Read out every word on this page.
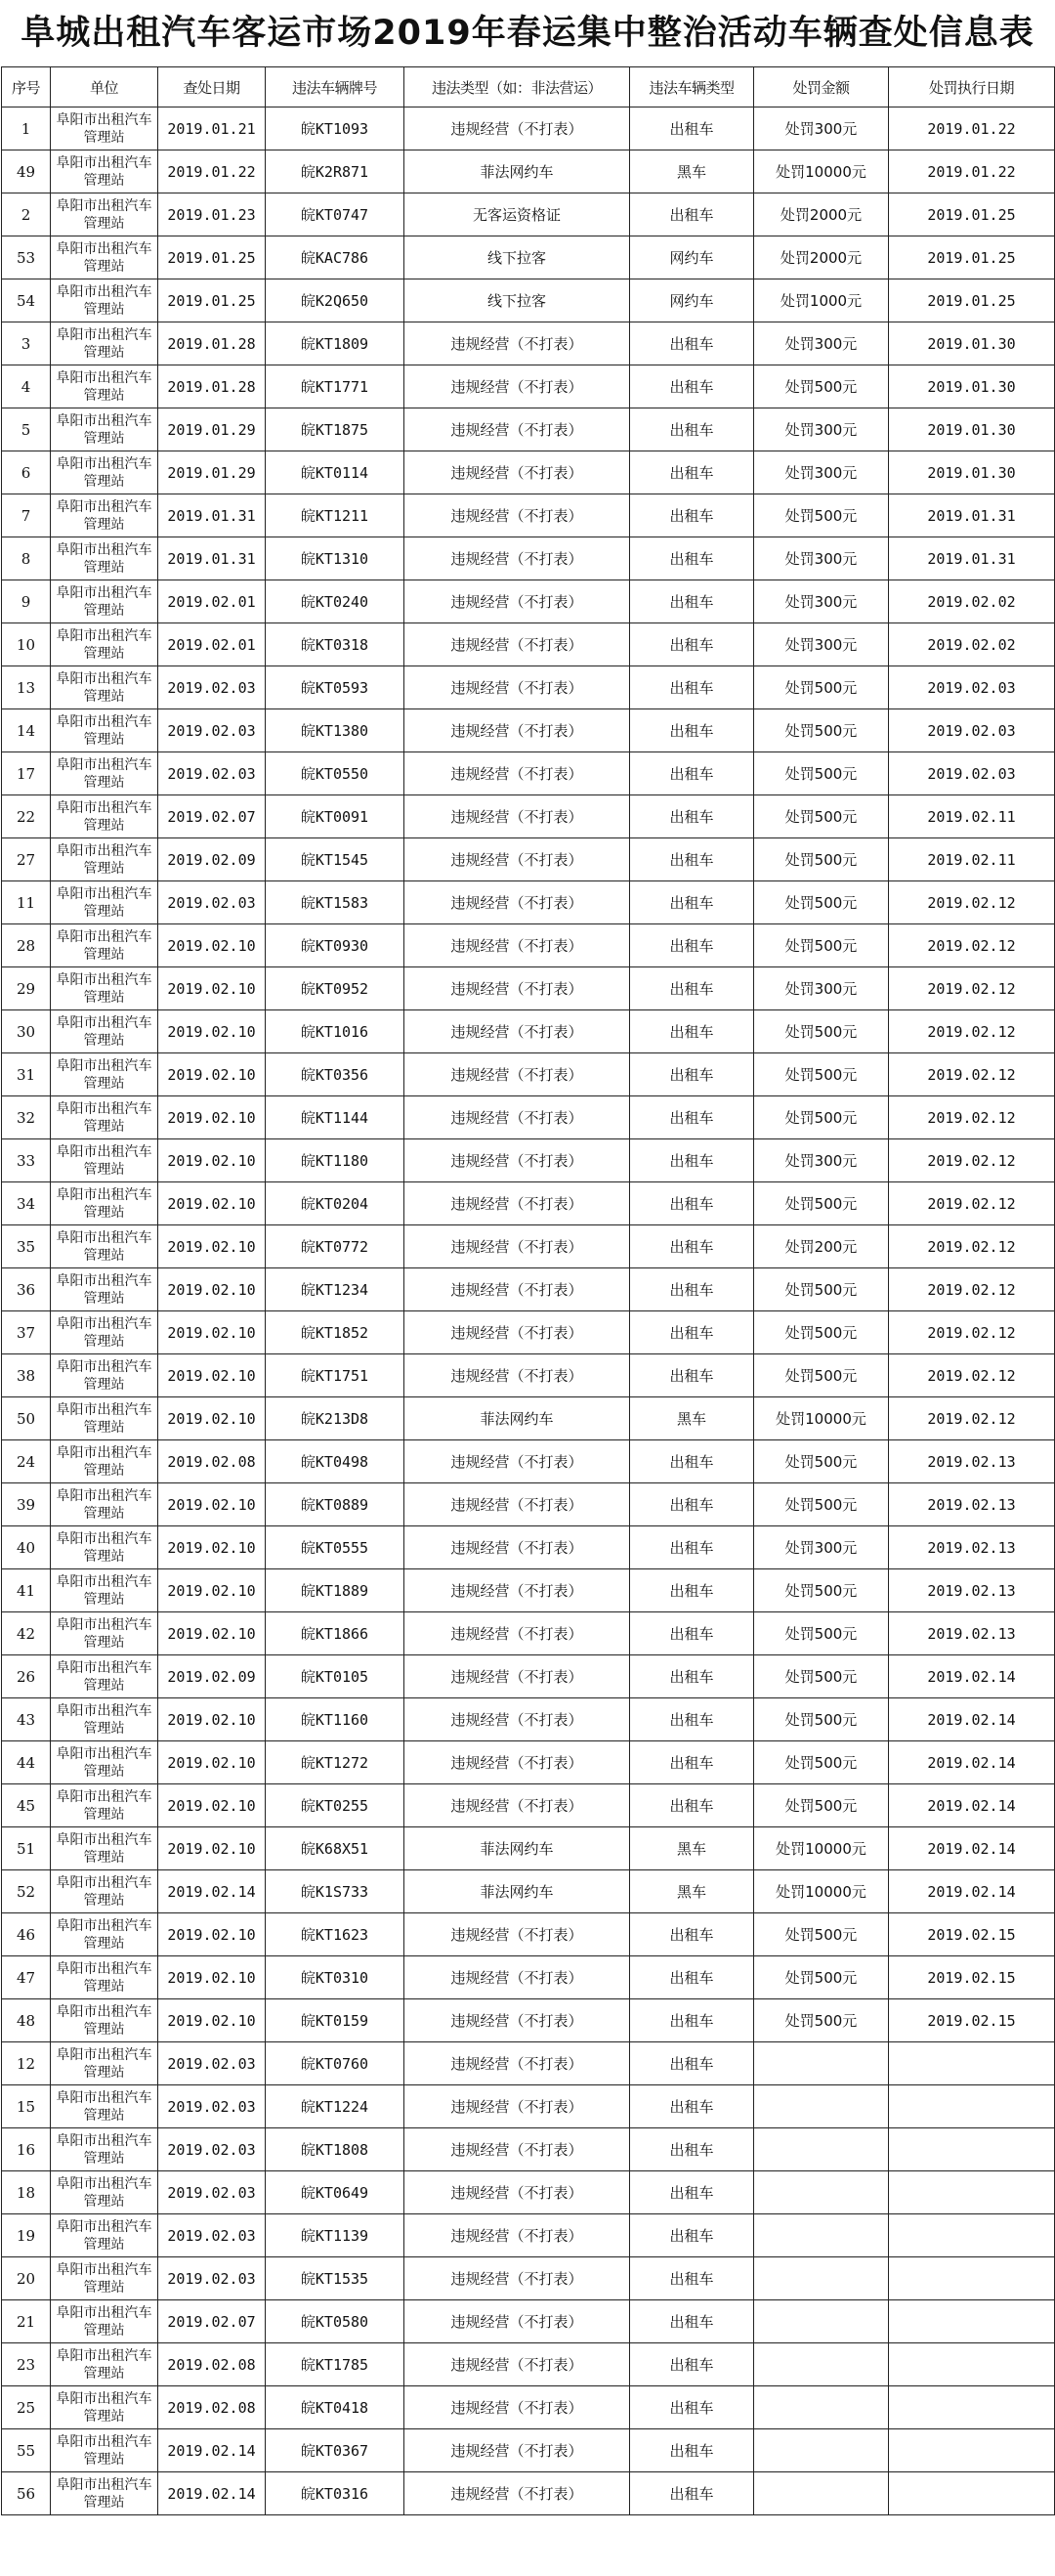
阜城出租汽车客运市场2019年春运集中整治活动车辆查处信息表
序号	单位	查处日期	违法车辆牌号	违法类型（如：非法营运）	违法车辆类型	处罚金额	处罚执行日期
1	阜阳市出租汽车管理站	2019.01.21	皖KT1093	违规经营（不打表）	出租车	处罚300元	2019.01.22
49	阜阳市出租汽车管理站	2019.01.22	皖K2R871	菲法网约车	黑车	处罚10000元	2019.01.22
2	阜阳市出租汽车管理站	2019.01.23	皖KT0747	无客运资格证	出租车	处罚2000元	2019.01.25
53	阜阳市出租汽车管理站	2019.01.25	皖KAC786	线下拉客	网约车	处罚2000元	2019.01.25
54	阜阳市出租汽车管理站	2019.01.25	皖K2Q650	线下拉客	网约车	处罚1000元	2019.01.25
3	阜阳市出租汽车管理站	2019.01.28	皖KT1809	违规经营（不打表）	出租车	处罚300元	2019.01.30
4	阜阳市出租汽车管理站	2019.01.28	皖KT1771	违规经营（不打表）	出租车	处罚500元	2019.01.30
5	阜阳市出租汽车管理站	2019.01.29	皖KT1875	违规经营（不打表）	出租车	处罚300元	2019.01.30
6	阜阳市出租汽车管理站	2019.01.29	皖KT0114	违规经营（不打表）	出租车	处罚300元	2019.01.30
7	阜阳市出租汽车管理站	2019.01.31	皖KT1211	违规经营（不打表）	出租车	处罚500元	2019.01.31
8	阜阳市出租汽车管理站	2019.01.31	皖KT1310	违规经营（不打表）	出租车	处罚300元	2019.01.31
9	阜阳市出租汽车管理站	2019.02.01	皖KT0240	违规经营（不打表）	出租车	处罚300元	2019.02.02
10	阜阳市出租汽车管理站	2019.02.01	皖KT0318	违规经营（不打表）	出租车	处罚300元	2019.02.02
13	阜阳市出租汽车管理站	2019.02.03	皖KT0593	违规经营（不打表）	出租车	处罚500元	2019.02.03
14	阜阳市出租汽车管理站	2019.02.03	皖KT1380	违规经营（不打表）	出租车	处罚500元	2019.02.03
17	阜阳市出租汽车管理站	2019.02.03	皖KT0550	违规经营（不打表）	出租车	处罚500元	2019.02.03
22	阜阳市出租汽车管理站	2019.02.07	皖KT0091	违规经营（不打表）	出租车	处罚500元	2019.02.11
27	阜阳市出租汽车管理站	2019.02.09	皖KT1545	违规经营（不打表）	出租车	处罚500元	2019.02.11
11	阜阳市出租汽车管理站	2019.02.03	皖KT1583	违规经营（不打表）	出租车	处罚500元	2019.02.12
28	阜阳市出租汽车管理站	2019.02.10	皖KT0930	违规经营（不打表）	出租车	处罚500元	2019.02.12
29	阜阳市出租汽车管理站	2019.02.10	皖KT0952	违规经营（不打表）	出租车	处罚300元	2019.02.12
30	阜阳市出租汽车管理站	2019.02.10	皖KT1016	违规经营（不打表）	出租车	处罚500元	2019.02.12
31	阜阳市出租汽车管理站	2019.02.10	皖KT0356	违规经营（不打表）	出租车	处罚500元	2019.02.12
32	阜阳市出租汽车管理站	2019.02.10	皖KT1144	违规经营（不打表）	出租车	处罚500元	2019.02.12
33	阜阳市出租汽车管理站	2019.02.10	皖KT1180	违规经营（不打表）	出租车	处罚300元	2019.02.12
34	阜阳市出租汽车管理站	2019.02.10	皖KT0204	违规经营（不打表）	出租车	处罚500元	2019.02.12
35	阜阳市出租汽车管理站	2019.02.10	皖KT0772	违规经营（不打表）	出租车	处罚200元	2019.02.12
36	阜阳市出租汽车管理站	2019.02.10	皖KT1234	违规经营（不打表）	出租车	处罚500元	2019.02.12
37	阜阳市出租汽车管理站	2019.02.10	皖KT1852	违规经营（不打表）	出租车	处罚500元	2019.02.12
38	阜阳市出租汽车管理站	2019.02.10	皖KT1751	违规经营（不打表）	出租车	处罚500元	2019.02.12
50	阜阳市出租汽车管理站	2019.02.10	皖K213D8	菲法网约车	黑车	处罚10000元	2019.02.12
24	阜阳市出租汽车管理站	2019.02.08	皖KT0498	违规经营（不打表）	出租车	处罚500元	2019.02.13
39	阜阳市出租汽车管理站	2019.02.10	皖KT0889	违规经营（不打表）	出租车	处罚500元	2019.02.13
40	阜阳市出租汽车管理站	2019.02.10	皖KT0555	违规经营（不打表）	出租车	处罚300元	2019.02.13
41	阜阳市出租汽车管理站	2019.02.10	皖KT1889	违规经营（不打表）	出租车	处罚500元	2019.02.13
42	阜阳市出租汽车管理站	2019.02.10	皖KT1866	违规经营（不打表）	出租车	处罚500元	2019.02.13
26	阜阳市出租汽车管理站	2019.02.09	皖KT0105	违规经营（不打表）	出租车	处罚500元	2019.02.14
43	阜阳市出租汽车管理站	2019.02.10	皖KT1160	违规经营（不打表）	出租车	处罚500元	2019.02.14
44	阜阳市出租汽车管理站	2019.02.10	皖KT1272	违规经营（不打表）	出租车	处罚500元	2019.02.14
45	阜阳市出租汽车管理站	2019.02.10	皖KT0255	违规经营（不打表）	出租车	处罚500元	2019.02.14
51	阜阳市出租汽车管理站	2019.02.10	皖K68X51	菲法网约车	黑车	处罚10000元	2019.02.14
52	阜阳市出租汽车管理站	2019.02.14	皖K1S733	菲法网约车	黑车	处罚10000元	2019.02.14
46	阜阳市出租汽车管理站	2019.02.10	皖KT1623	违规经营（不打表）	出租车	处罚500元	2019.02.15
47	阜阳市出租汽车管理站	2019.02.10	皖KT0310	违规经营（不打表）	出租车	处罚500元	2019.02.15
48	阜阳市出租汽车管理站	2019.02.10	皖KT0159	违规经营（不打表）	出租车	处罚500元	2019.02.15
12	阜阳市出租汽车管理站	2019.02.03	皖KT0760	违规经营（不打表）	出租车		
15	阜阳市出租汽车管理站	2019.02.03	皖KT1224	违规经营（不打表）	出租车		
16	阜阳市出租汽车管理站	2019.02.03	皖KT1808	违规经营（不打表）	出租车		
18	阜阳市出租汽车管理站	2019.02.03	皖KT0649	违规经营（不打表）	出租车		
19	阜阳市出租汽车管理站	2019.02.03	皖KT1139	违规经营（不打表）	出租车		
20	阜阳市出租汽车管理站	2019.02.03	皖KT1535	违规经营（不打表）	出租车		
21	阜阳市出租汽车管理站	2019.02.07	皖KT0580	违规经营（不打表）	出租车		
23	阜阳市出租汽车管理站	2019.02.08	皖KT1785	违规经营（不打表）	出租车		
25	阜阳市出租汽车管理站	2019.02.08	皖KT0418	违规经营（不打表）	出租车		
55	阜阳市出租汽车管理站	2019.02.14	皖KT0367	违规经营（不打表）	出租车		
56	阜阳市出租汽车管理站	2019.02.14	皖KT0316	违规经营（不打表）	出租车		
